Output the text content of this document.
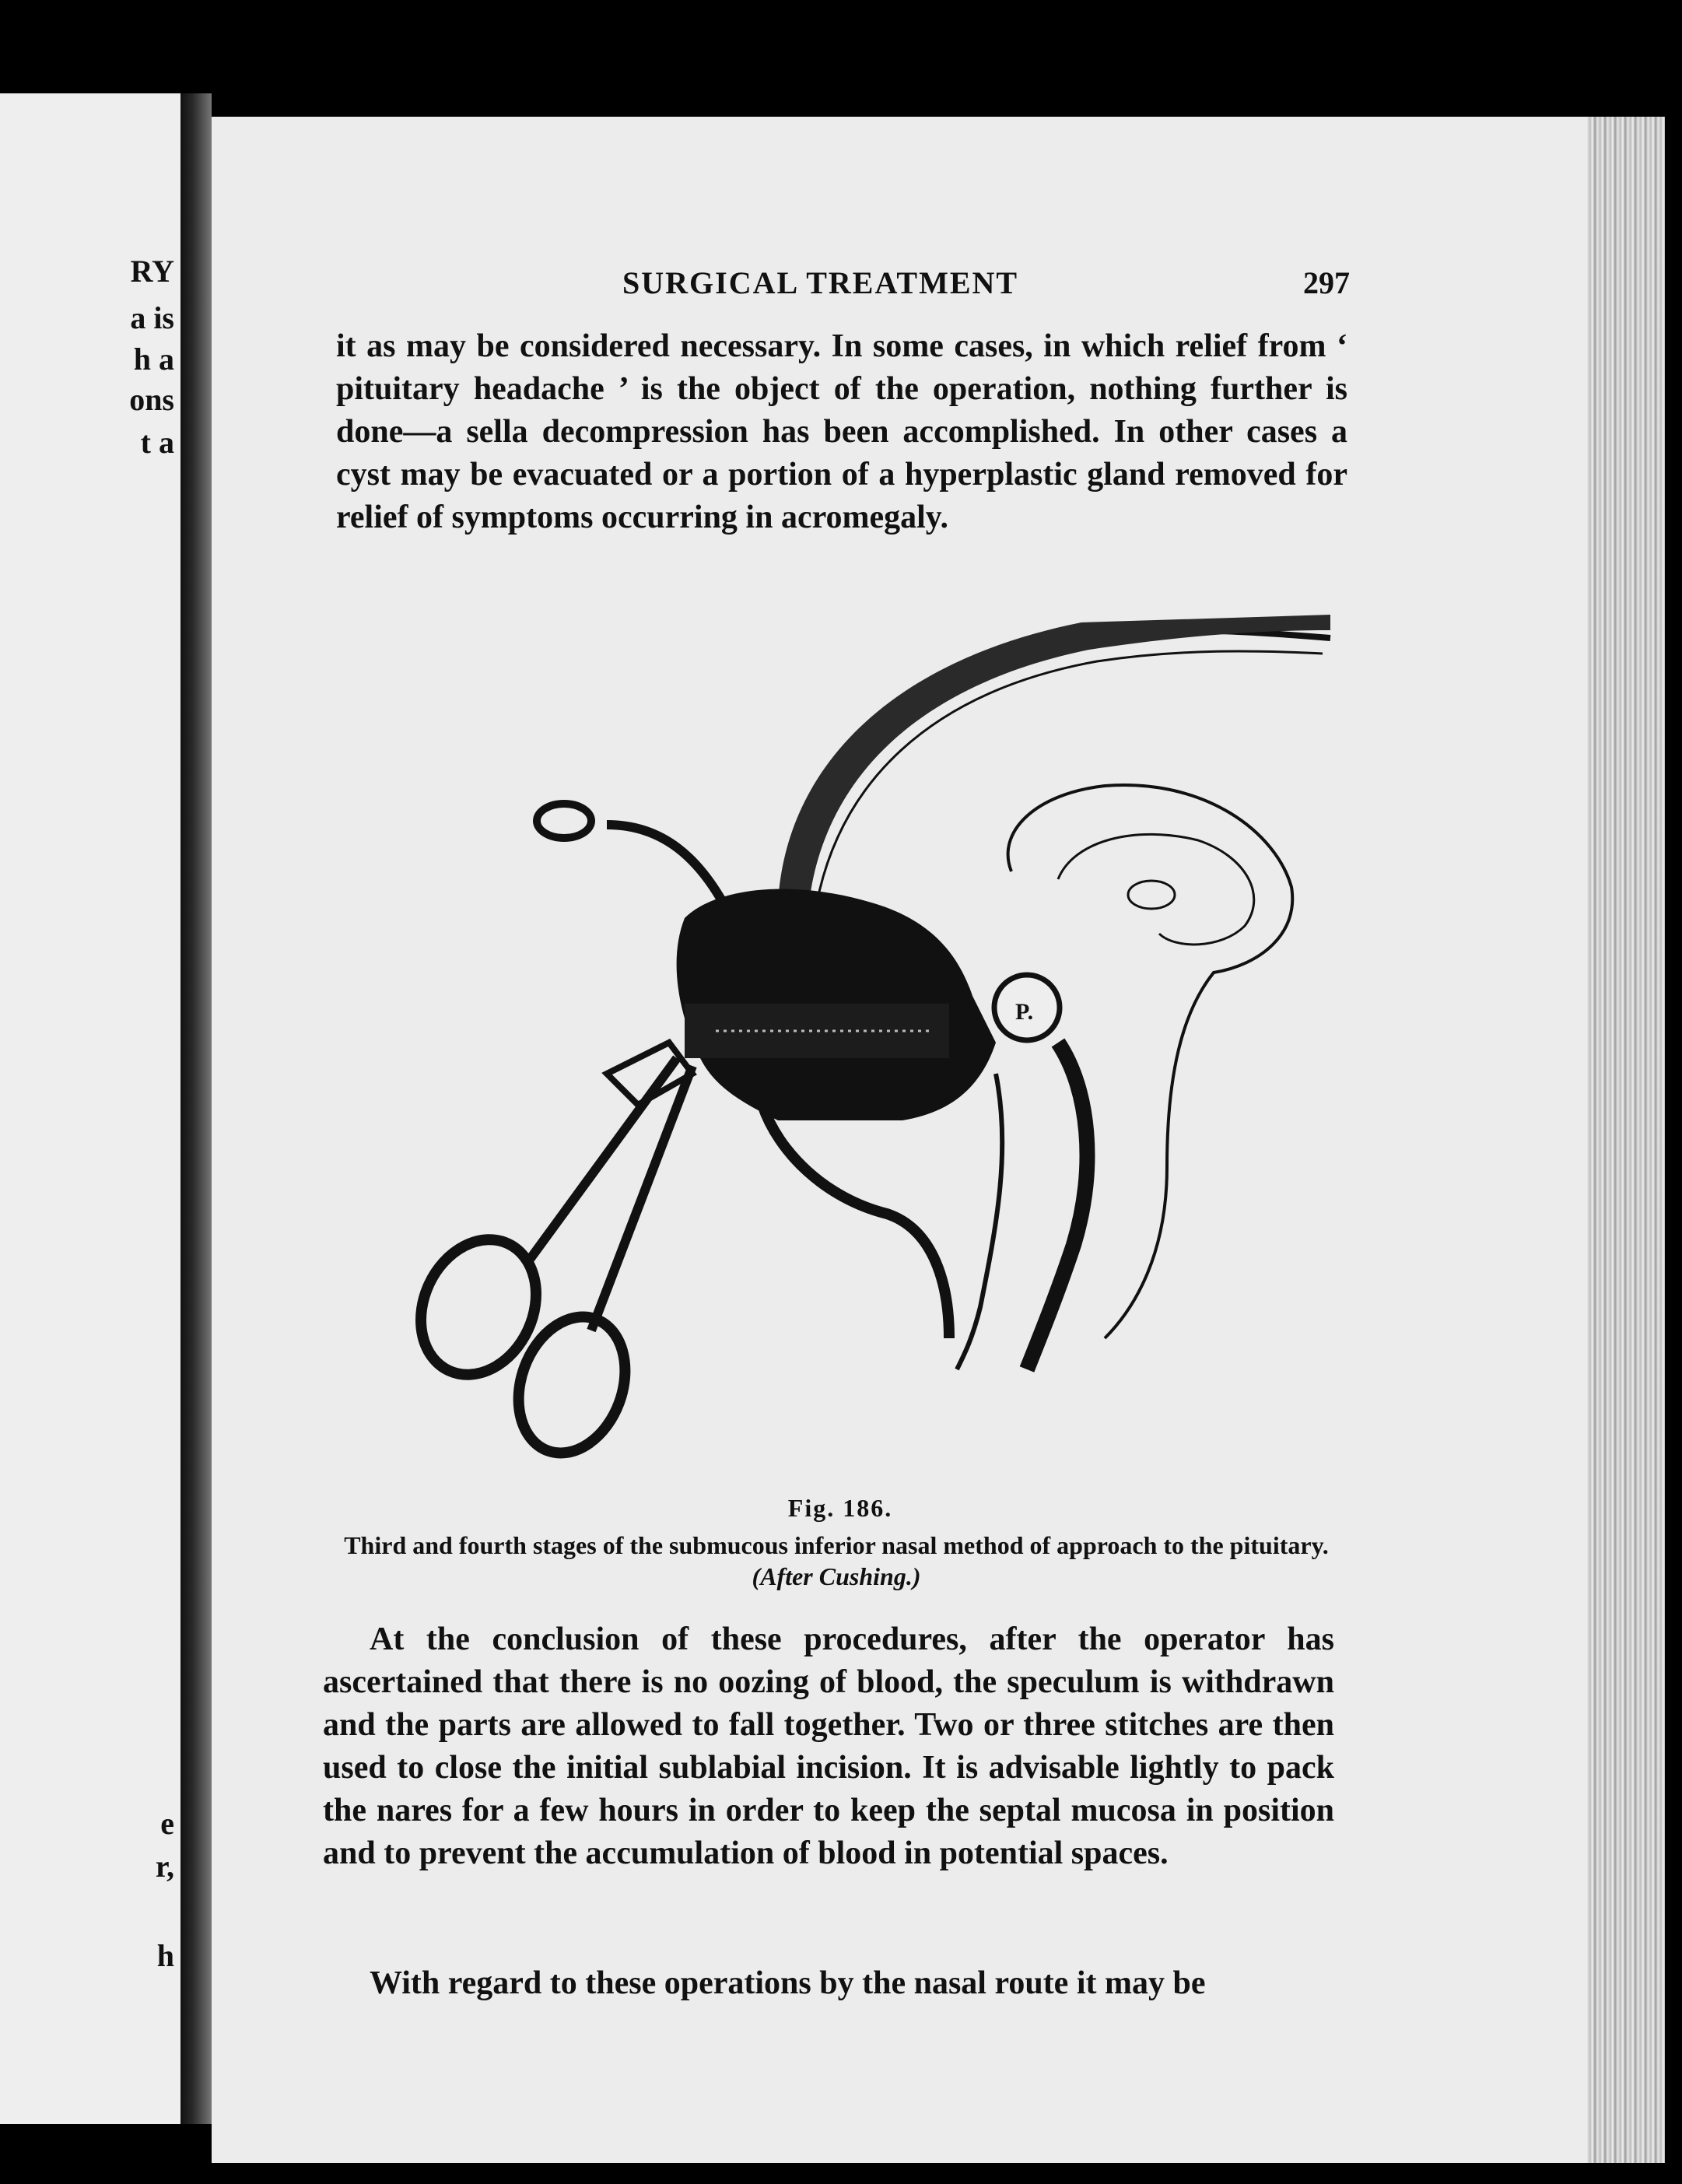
RY
a is
h a
ons
t a
e
r,
h
SURGICAL TREATMENT	297
it as may be considered necessary. In some cases, in which relief from ‘ pituitary headache ’ is the object of the operation, nothing further is done—a sella decompression has been accomplished. In other cases a cyst may be evacuated or a portion of a hyperplastic gland removed for relief of symptoms occurring in acromegaly.
P.
Fig. 186.
Third and fourth stages of the submucous inferior nasal method of approach to the pituitary. (After Cushing.)
At the conclusion of these procedures, after the operator has ascertained that there is no oozing of blood, the speculum is withdrawn and the parts are allowed to fall together. Two or three stitches are then used to close the initial sublabial incision. It is advisable lightly to pack the nares for a few hours in order to keep the septal mucosa in position and to prevent the accumulation of blood in potential spaces.
With regard to these operations by the nasal route it may be
